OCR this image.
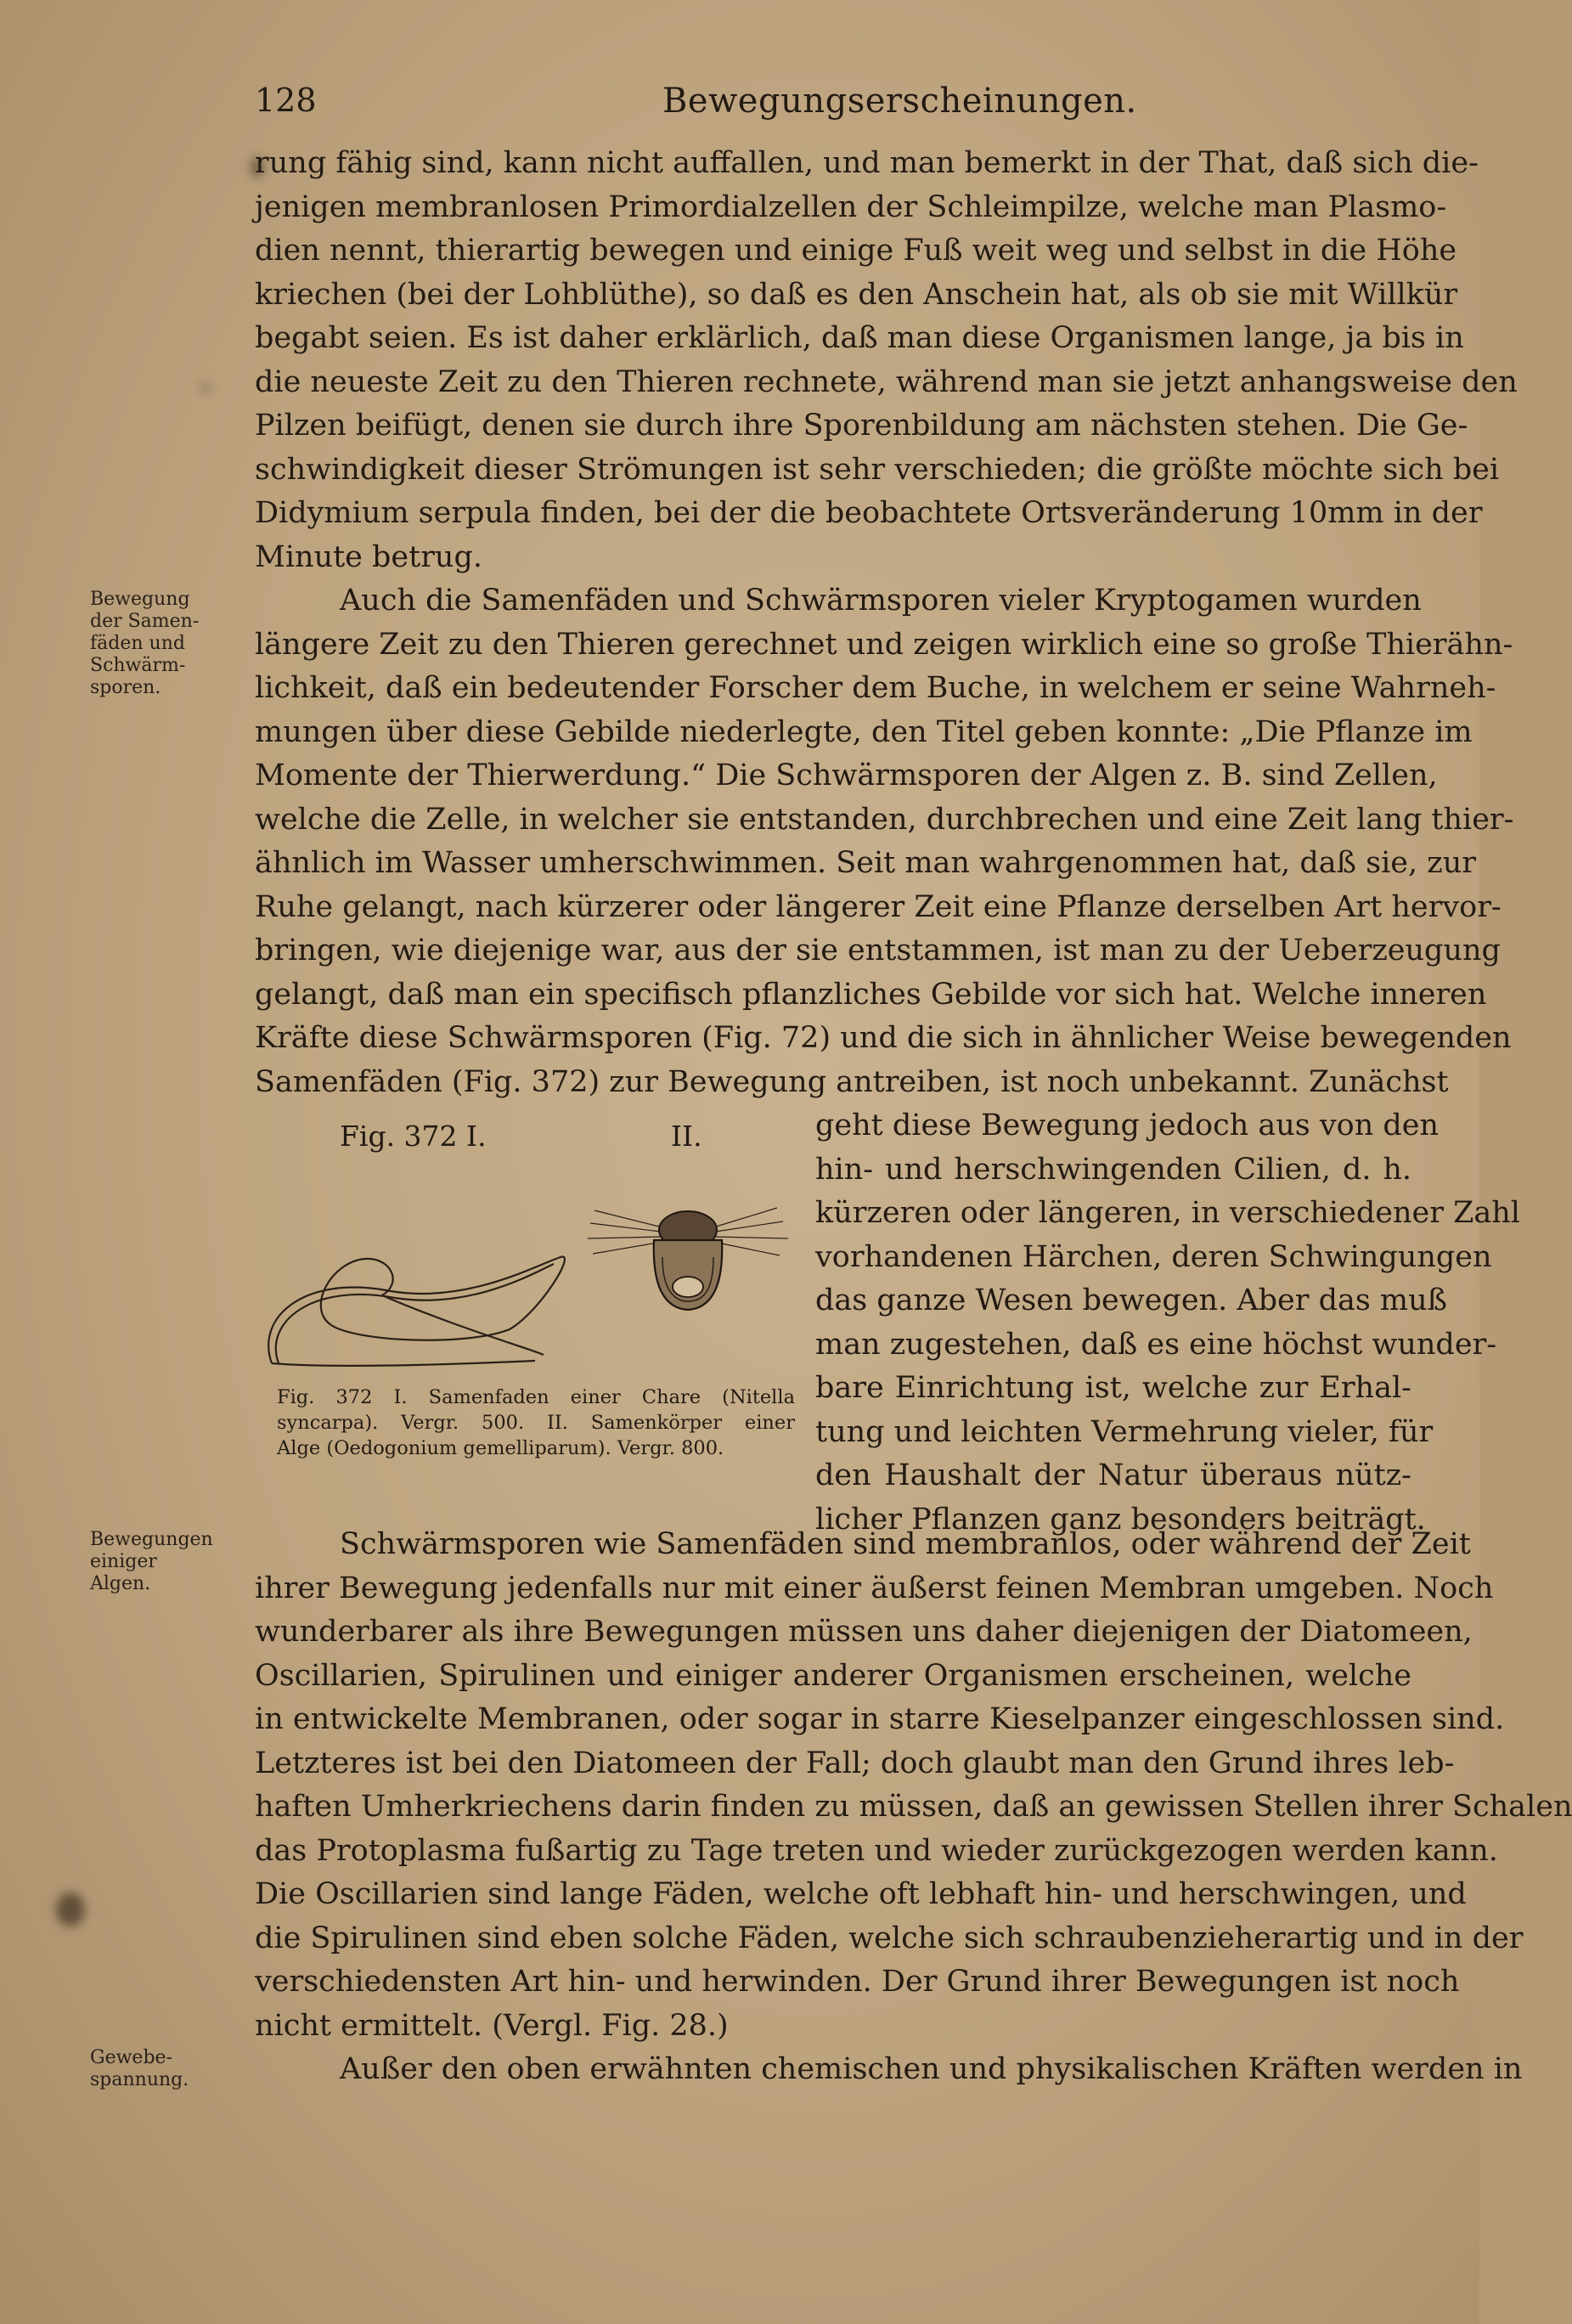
128	Bewegungserscheinungen.
Bewegung
der Samen-
fäden und
Schwärm-
sporen.
Bewegungen
einiger
Algen.
Gewebe-
spannung.
rung fähig sind, kann nicht auffallen, und man bemerkt in der That, daß sich die-
jenigen membranlosen Primordialzellen der Schleimpilze, welche man Plasmo-
dien nennt, thierartig bewegen und einige Fuß weit weg und selbst in die Höhe
kriechen (bei der Lohblüthe), so daß es den Anschein hat, als ob sie mit Willkür
begabt seien. Es ist daher erklärlich, daß man diese Organismen lange, ja bis in
die neueste Zeit zu den Thieren rechnete, während man sie jetzt anhangsweise den
Pilzen beifügt, denen sie durch ihre Sporenbildung am nächsten stehen. Die Ge-
schwindigkeit dieser Strömungen ist sehr verschieden; die größte möchte sich bei
Didymium serpula finden, bei der die beobachtete Ortsveränderung 10mm in der
Minute betrug.
Auch die Samenfäden und Schwärmsporen vieler Kryptogamen wurden
längere Zeit zu den Thieren gerechnet und zeigen wirklich eine so große Thierähn-
lichkeit, daß ein bedeutender Forscher dem Buche, in welchem er seine Wahrneh-
mungen über diese Gebilde niederlegte, den Titel geben konnte: „Die Pflanze im
Momente der Thierwerdung.“ Die Schwärmsporen der Algen z. B. sind Zellen,
welche die Zelle, in welcher sie entstanden, durchbrechen und eine Zeit lang thier-
ähnlich im Wasser umherschwimmen. Seit man wahrgenommen hat, daß sie, zur
Ruhe gelangt, nach kürzerer oder längerer Zeit eine Pflanze derselben Art hervor-
bringen, wie diejenige war, aus der sie entstammen, ist man zu der Ueberzeugung
gelangt, daß man ein specifisch pflanzliches Gebilde vor sich hat. Welche inneren
Kräfte diese Schwärmsporen (Fig. 72) und die sich in ähnlicher Weise bewegenden
Samenfäden (Fig. 372) zur Bewegung antreiben, ist noch unbekannt. Zunächst
geht diese Bewegung jedoch aus von den
hin- und herschwingenden Cilien, d. h.
kürzeren oder längeren, in verschiedener Zahl
vorhandenen Härchen, deren Schwingungen
das ganze Wesen bewegen. Aber das muß
man zugestehen, daß es eine höchst wunder-
bare Einrichtung ist, welche zur Erhal-
tung und leichten Vermehrung vieler, für
den Haushalt der Natur überaus nütz-
licher Pflanzen ganz besonders beiträgt.
Fig. 372 I.	II.
Fig. 372 I. Samenfaden einer Chare (Nitella
syncarpa). Vergr. 500. II. Samenkörper einer
Alge (Oedogonium gemelliparum). Vergr. 800.
Schwärmsporen wie Samenfäden sind membranlos, oder während der Zeit
ihrer Bewegung jedenfalls nur mit einer äußerst feinen Membran umgeben. Noch
wunderbarer als ihre Bewegungen müssen uns daher diejenigen der Diatomeen,
Oscillarien, Spirulinen und einiger anderer Organismen erscheinen, welche
in entwickelte Membranen, oder sogar in starre Kieselpanzer eingeschlossen sind.
Letzteres ist bei den Diatomeen der Fall; doch glaubt man den Grund ihres leb-
haften Umherkriechens darin finden zu müssen, daß an gewissen Stellen ihrer Schalen
das Protoplasma fußartig zu Tage treten und wieder zurückgezogen werden kann.
Die Oscillarien sind lange Fäden, welche oft lebhaft hin- und herschwingen, und
die Spirulinen sind eben solche Fäden, welche sich schraubenzieherartig und in der
verschiedensten Art hin- und herwinden. Der Grund ihrer Bewegungen ist noch
nicht ermittelt. (Vergl. Fig. 28.)
Außer den oben erwähnten chemischen und physikalischen Kräften werden in
